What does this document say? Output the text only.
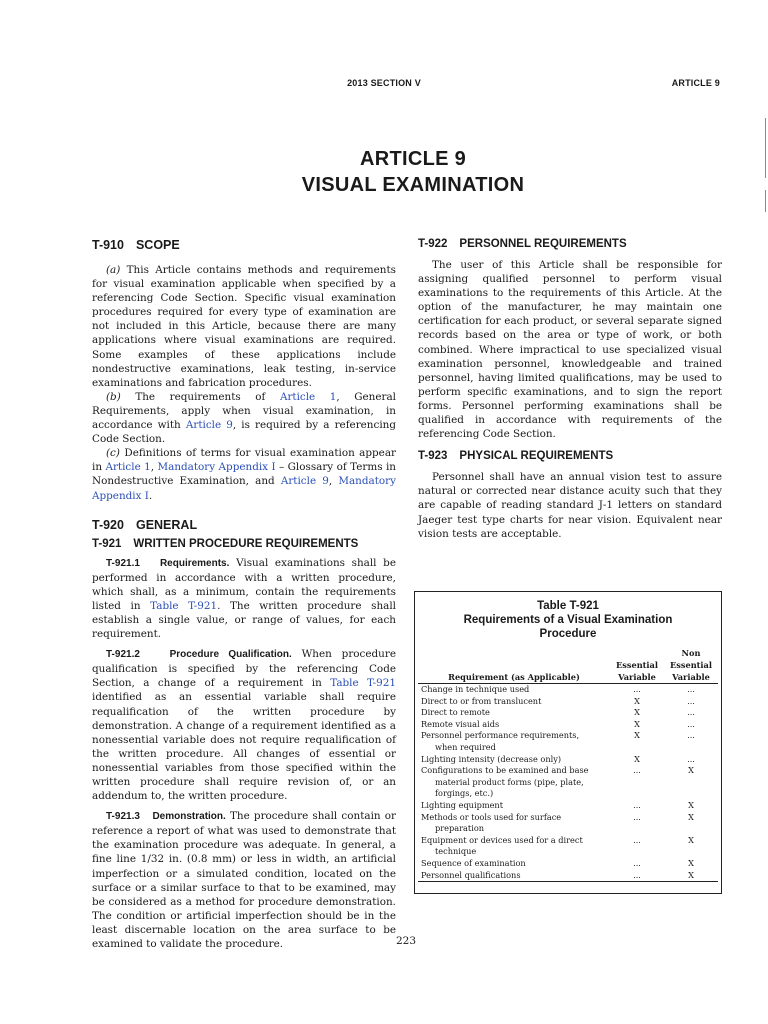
2013 SECTION V	ARTICLE 9
ARTICLE 9
VISUAL EXAMINATION
T-910 SCOPE

(a) This Article contains methods and requirements for visual examination applicable when specified by a referencing Code Section. Specific visual examination procedures required for every type of examination are not included in this Article, because there are many applications where visual examinations are required. Some examples of these applications include nondestructive examinations, leak testing, in-service examinations and fabrication procedures.

(b) The requirements of Article 1, General Requirements, apply when visual examination, in accordance with Article 9, is required by a referencing Code Section.

(c) Definitions of terms for visual examination appear in Article 1, Mandatory Appendix I – Glossary of Terms in Nondestructive Examination, and Article 9, Mandatory Appendix I.

T-920 GENERAL
T-921 WRITTEN PROCEDURE REQUIREMENTS

T-921.1 Requirements. Visual examinations shall be performed in accordance with a written procedure, which shall, as a minimum, contain the requirements listed in Table T-921. The written procedure shall establish a single value, or range of values, for each requirement.

T-921.2	Procedure Qualification. When procedure qualification is specified by the referencing Code Section, a change of a requirement in Table T-921 identified as an essential variable shall require requalification of the written procedure by demonstration. A change of a requirement identified as a nonessential variable does not require requalification of the written procedure. All changes of essential or nonessential variables from those specified within the written procedure shall require revision of, or an addendum to, the written procedure.

T-921.3 Demonstration. The procedure shall contain or reference a report of what was used to demonstrate that the examination procedure was adequate. In general, a fine line 1/32 in. (0.8 mm) or less in width, an artificial imperfection or a simulated condition, located on the surface or a similar surface to that to be examined, may be considered as a method for procedure demonstration. The condition or artificial imperfection should be in the least discernable location on the area surface to be examined to validate the procedure.

T-922 PERSONNEL REQUIREMENTS

The user of this Article shall be responsible for assigning qualified personnel to perform visual examinations to the requirements of this Article. At the option of the manufacturer, he may maintain one certification for each product, or several separate signed records based on the area or type of work, or both combined. Where impractical to use specialized visual examination personnel, knowledgeable and trained personnel, having limited qualifications, may be used to perform specific examinations, and to sign the report forms. Personnel performing examinations shall be qualified in accordance with requirements of the referencing Code Section.

T-923 PHYSICAL REQUIREMENTS

Personnel shall have an annual vision test to assure natural or corrected near distance acuity such that they are capable of reading standard J-1 letters on standard Jaeger test type charts for near vision. Equivalent near vision tests are acceptable.

Table T-921
Requirements of a Visual Examination
Procedure
		Non
	Essential	Essential
Requirement (as Applicable)	Variable	Variable

Change in technique used	...	...

Direct to or from translucent	X	...

Direct to remote	X	...

Remote visual aids	X	...

Personnel performance requirements,
when required	X	...

Lighting intensity (decrease only)	X	...

Configurations to be examined and base
material product forms (pipe, plate, forgings, etc.)	...	X

Lighting equipment	...	X

Methods or tools used for surface
preparation	...	X

Equipment or devices used for a direct
technique	...	X

Sequence of examination	...	X

Personnel qualifications	...	X
223
